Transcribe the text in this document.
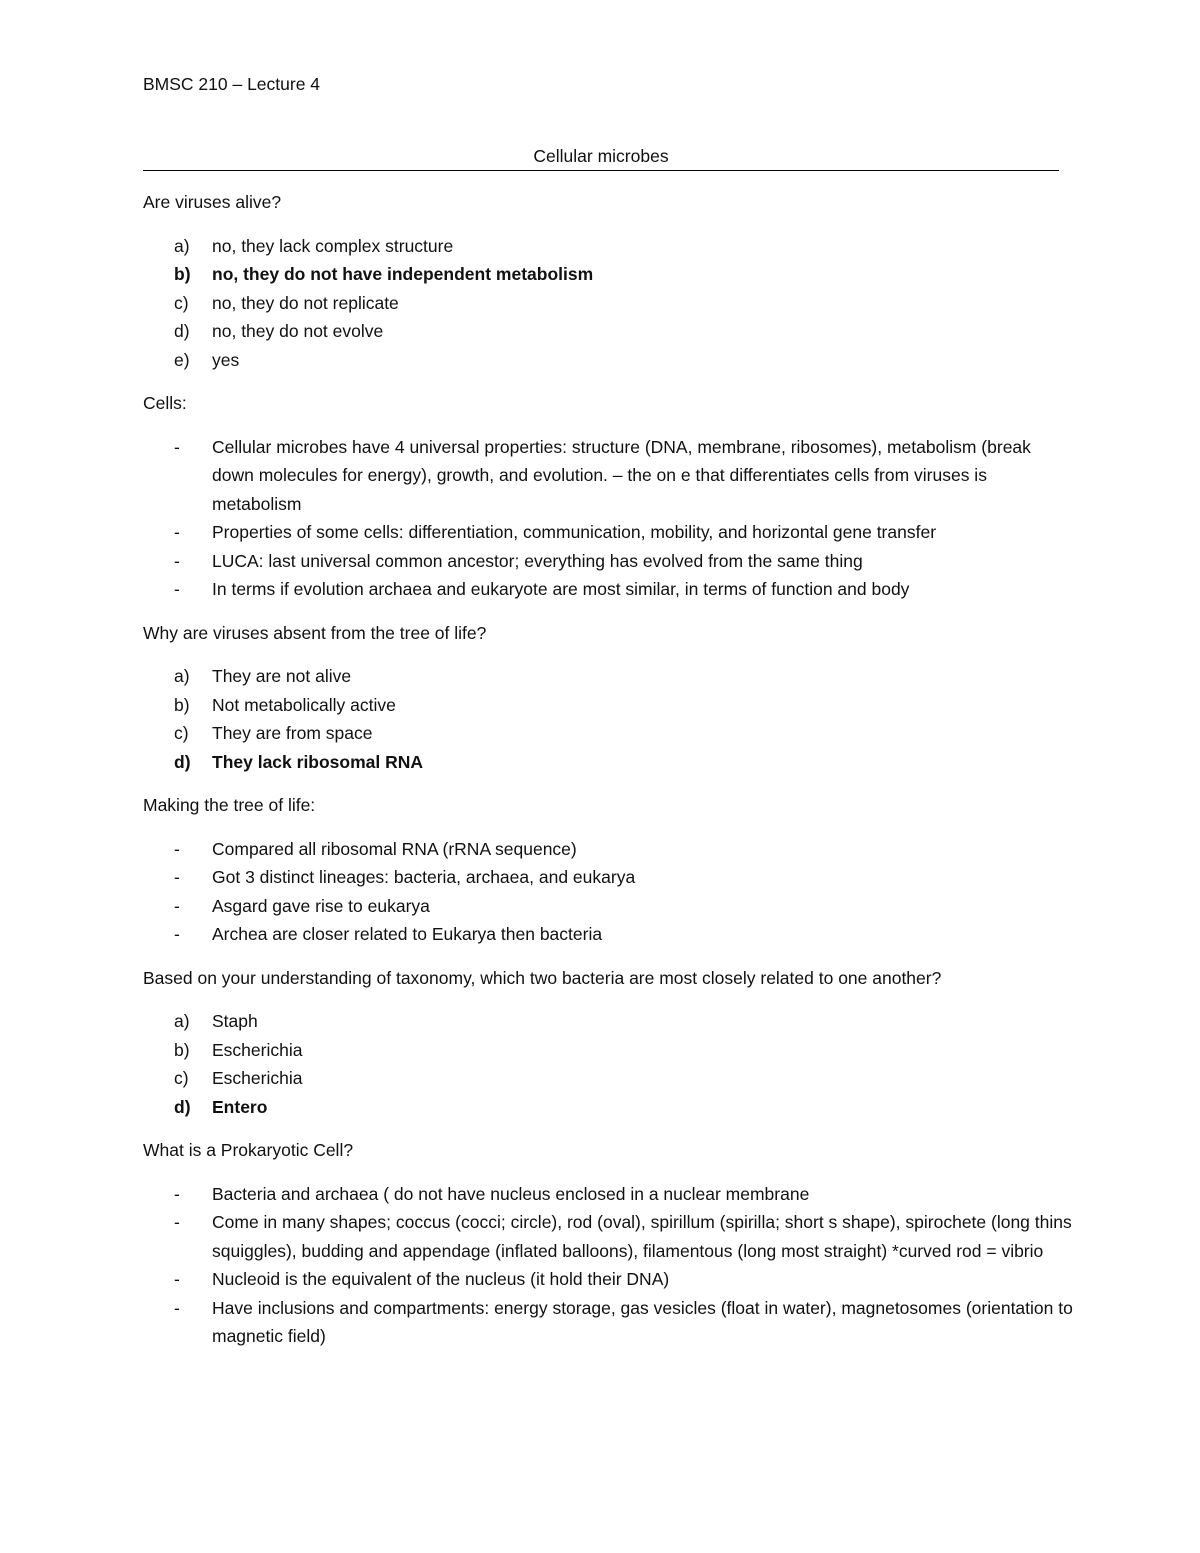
BMSC 210 – Lecture 4
Cellular microbes

Are viruses alive?

a) no, they lack complex structure
b) no, they do not have independent metabolism
c) no, they do not replicate
d) no, they do not evolve
e) yes

Cells:

- Cellular microbes have 4 universal properties: structure (DNA, membrane, ribosomes), metabolism (break down molecules for energy), growth, and evolution. – the on e that differentiates cells from viruses is metabolism
- Properties of some cells: differentiation, communication, mobility, and horizontal gene transfer
- LUCA: last universal common ancestor; everything has evolved from the same thing
- In terms if evolution archaea and eukaryote are most similar, in terms of function and body

Why are viruses absent from the tree of life?

a) They are not alive
b) Not metabolically active
c) They are from space
d) They lack ribosomal RNA

Making the tree of life:

- Compared all ribosomal RNA (rRNA sequence)
- Got 3 distinct lineages: bacteria, archaea, and eukarya
- Asgard gave rise to eukarya
- Archea are closer related to Eukarya then bacteria

Based on your understanding of taxonomy, which two bacteria are most closely related to one another?

a) Staph
b) Escherichia
c) Escherichia
d) Entero

What is a Prokaryotic Cell?

- Bacteria and archaea ( do not have nucleus enclosed in a nuclear membrane
- Come in many shapes; coccus (cocci; circle), rod (oval), spirillum (spirilla; short s shape), spirochete (long thins squiggles), budding and appendage (inflated balloons), filamentous (long most straight) *curved rod = vibrio
- Nucleoid is the equivalent of the nucleus (it hold their DNA)
- Have inclusions and compartments: energy storage, gas vesicles (float in water), magnetosomes (orientation to magnetic field)
